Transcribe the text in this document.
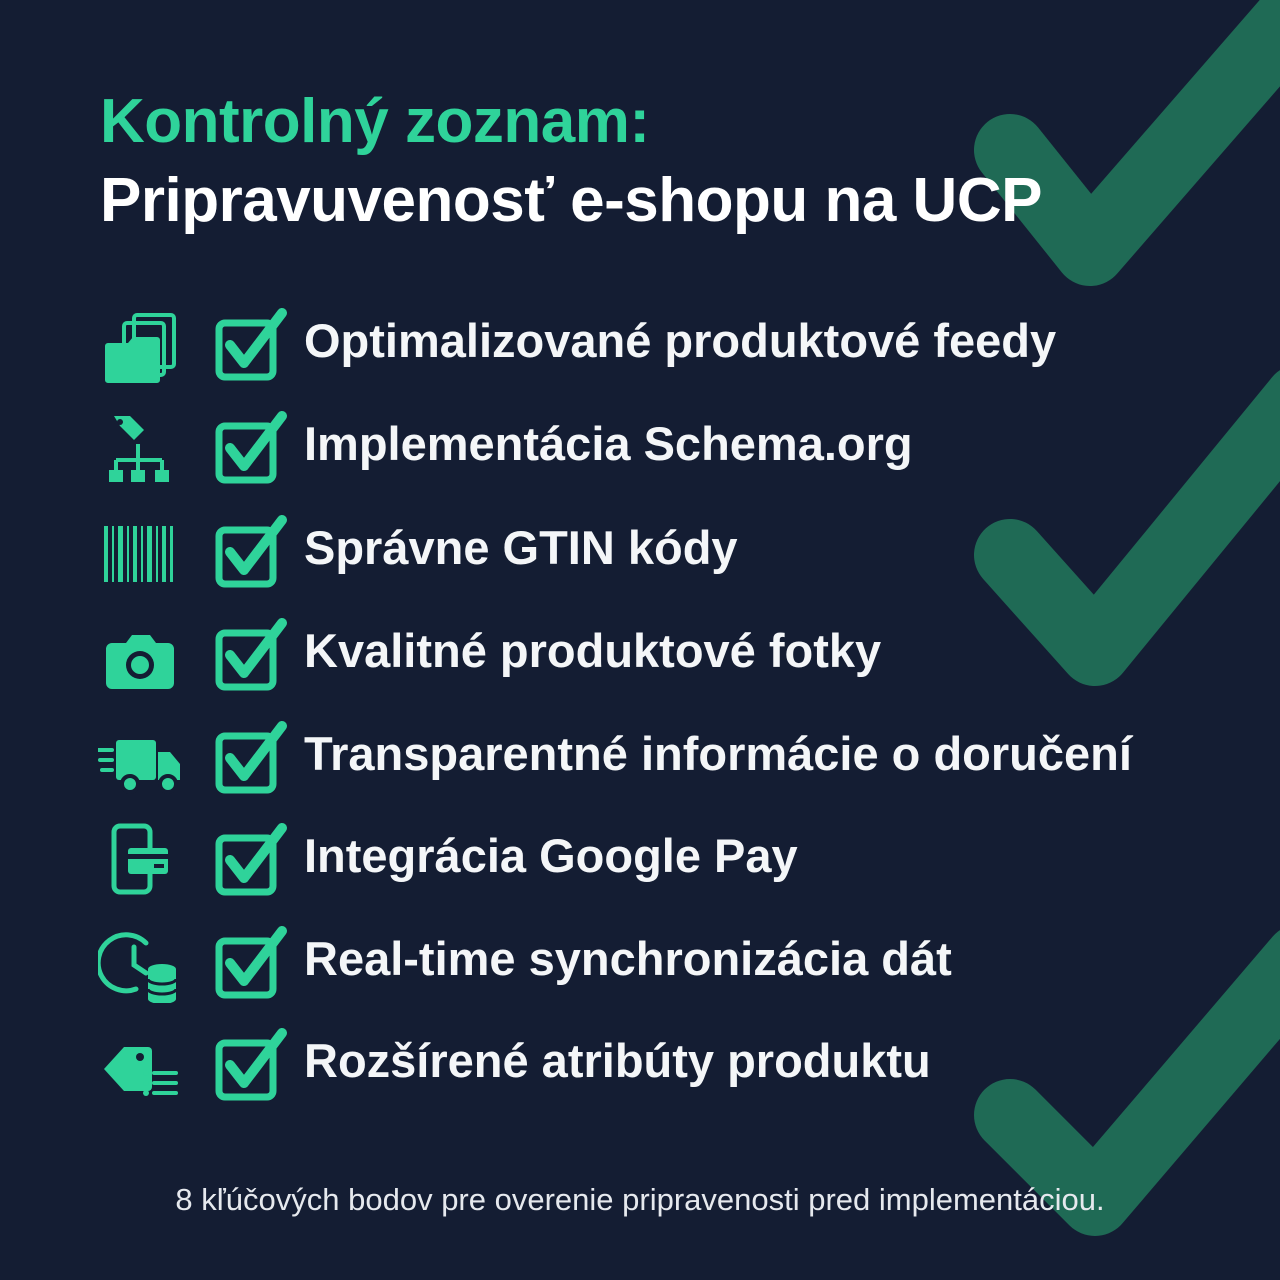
Kontrolný zoznam:
Pripravuvenosť e-shopu na UCP
Optimalizované produktové feedy
Implementácia Schema.org
Správne GTIN kódy
Kvalitné produktové fotky
Transparentné informácie o doručení
Integrácia Google Pay
Real-time synchronizácia dát
Rozšírené atribúty produktu
8 kľúčových bodov pre overenie pripravenosti pred implementáciou.
